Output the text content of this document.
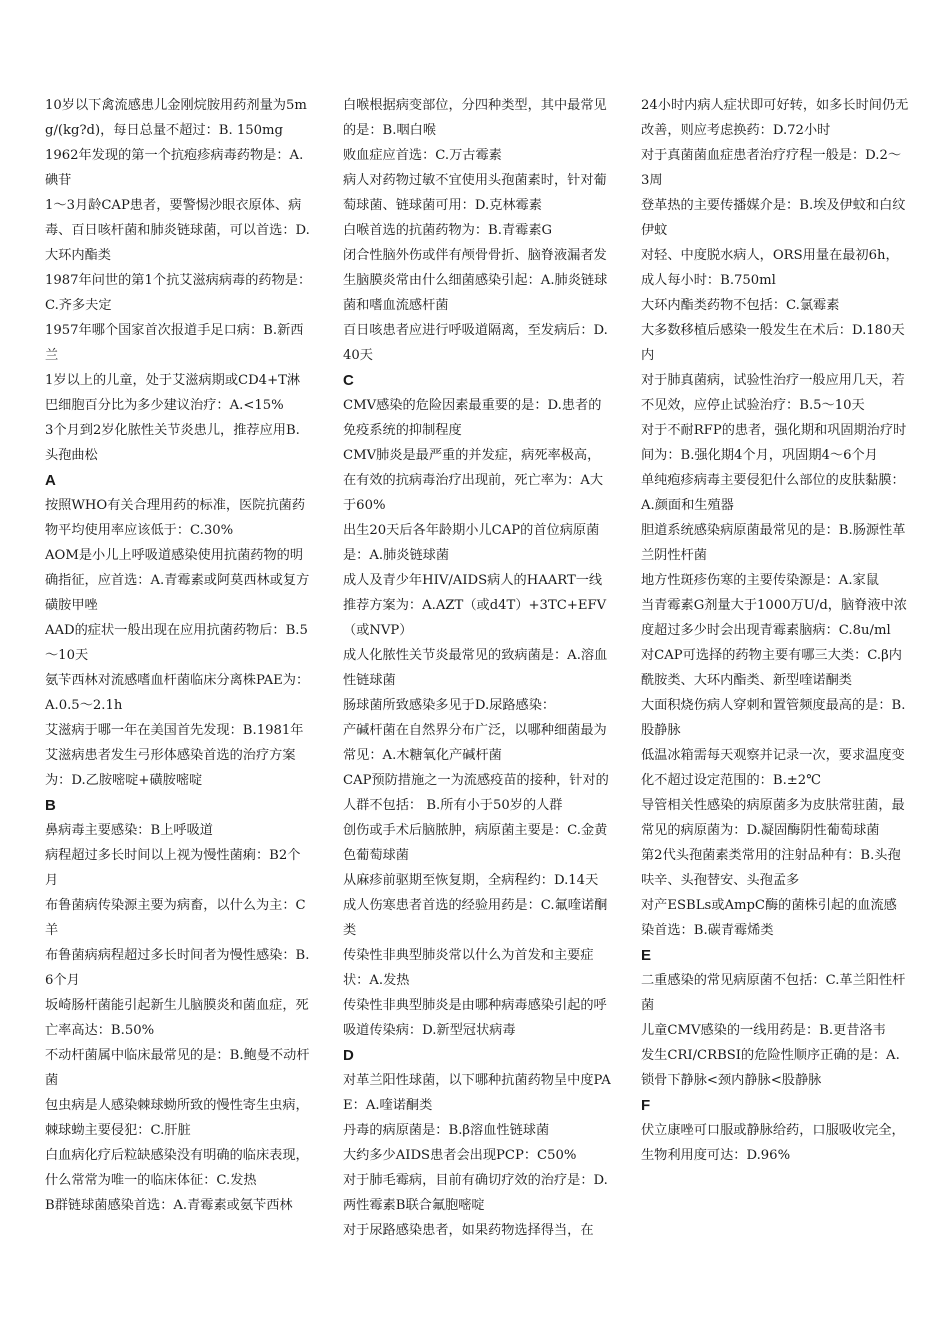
10岁以下禽流感患儿金刚烷胺用药剂量为5mg/(kg?d)，每日总量不超过：B. 150mg

1962年发现的第一个抗疱疹病毒药物是：A.碘苷

1～3月龄CAP患者，要警惕沙眼衣原体、病毒、百日咳杆菌和肺炎链球菌，可以首选：D.大环内酯类

1987年问世的第1个抗艾滋病病毒的药物是：C.齐多夫定

1957年哪个国家首次报道手足口病：B.新西兰

1岁以上的儿童，处于艾滋病期或CD4+T淋巴细胞百分比为多少建议治疗：A.<15%

3个月到2岁化脓性关节炎患儿，推荐应用B.头孢曲松

A

按照WHO有关合理用药的标准，医院抗菌药物平均使用率应该低于：C.30%

AOM是小儿上呼吸道感染使用抗菌药物的明确指征，应首选：A.青霉素或阿莫西林或复方磺胺甲唑

AAD的症状一般出现在应用抗菌药物后：B.5～10天

氨苄西林对流感嗜血杆菌临床分离株PAE为：A.0.5～2.1h

艾滋病于哪一年在美国首先发现：B.1981年

艾滋病患者发生弓形体感染首选的治疗方案为：D.乙胺嘧啶+磺胺嘧啶

B

鼻病毒主要感染：B上呼吸道

病程超过多长时间以上视为慢性菌痢：B2个月

布鲁菌病传染源主要为病畜，以什么为主：C羊

布鲁菌病病程超过多长时间者为慢性感染：B.6个月

坂崎肠杆菌能引起新生儿脑膜炎和菌血症，死亡率高达：B.50%

不动杆菌属中临床最常见的是：B.鲍曼不动杆菌

包虫病是人感染棘球蚴所致的慢性寄生虫病，棘球蚴主要侵犯：C.肝脏

白血病化疗后粒缺感染没有明确的临床表现，什么常常为唯一的临床体征：C.发热

B群链球菌感染首选：A.青霉素或氨苄西林

白喉根据病变部位，分四种类型，其中最常见的是：B.咽白喉

败血症应首选：C.万古霉素

病人对药物过敏不宜使用头孢菌素时，针对葡萄球菌、链球菌可用：D.克林霉素

白喉首选的抗菌药物为：B.青霉素G

闭合性脑外伤或伴有颅骨骨折、脑脊液漏者发生脑膜炎常由什么细菌感染引起：A.肺炎链球菌和嗜血流感杆菌

百日咳患者应进行呼吸道隔离，至发病后：D.40天

C

CMV感染的危险因素最重要的是：D.患者的免疫系统的抑制程度

CMV肺炎是最严重的并发症，病死率极高，在有效的抗病毒治疗出现前，死亡率为：A大于60%

出生20天后各年龄期小儿CAP的首位病原菌是：A.肺炎链球菌

成人及青少年HIV/AIDS病人的HAART一线推荐方案为：A.AZT（或d4T）+3TC+EFV（或NVP）

成人化脓性关节炎最常见的致病菌是：A.溶血性链球菌

肠球菌所致感染多见于D.尿路感染：

产碱杆菌在自然界分布广泛，以哪种细菌最为常见：A.木糖氧化产碱杆菌

CAP预防措施之一为流感疫苗的接种，针对的人群不包括： B.所有小于50岁的人群

创伤或手术后脑脓肿，病原菌主要是：C.金黄色葡萄球菌

从麻疹前驱期至恢复期，全病程约：D.14天

成人伤寒患者首选的经验用药是：C.氟喹诺酮类

传染性非典型肺炎常以什么为首发和主要症状：A.发热

传染性非典型肺炎是由哪种病毒感染引起的呼吸道传染病：D.新型冠状病毒

D

对革兰阳性球菌，以下哪种抗菌药物呈中度PAE：A.喹诺酮类

丹毒的病原菌是：B.β溶血性链球菌

大约多少AIDS患者会出现PCP：C50%

对于肺毛霉病，目前有确切疗效的治疗是：D.两性霉素B联合氟胞嘧啶

对于尿路感染患者，如果药物选择得当，在

24小时内病人症状即可好转，如多长时间仍无改善，则应考虑换药：D.72小时

对于真菌菌血症患者治疗疗程一般是：D.2～3周

登革热的主要传播媒介是：B.埃及伊蚊和白纹伊蚊

对轻、中度脱水病人，ORS用量在最初6h，成人每小时：B.750ml

大环内酯类药物不包括：C.氯霉素

大多数移植后感染一般发生在术后：D.180天内

对于肺真菌病，试验性治疗一般应用几天，若不见效，应停止试验治疗：B.5～10天

对于不耐RFP的患者，强化期和巩固期治疗时间为：B.强化期4个月，巩固期4～6个月

单纯疱疹病毒主要侵犯什么部位的皮肤黏膜：A.颜面和生殖器

胆道系统感染病原菌最常见的是：B.肠源性革兰阴性杆菌

地方性斑疹伤寒的主要传染源是：A.家鼠

当青霉素G剂量大于1000万U/d，脑脊液中浓度超过多少时会出现青霉素脑病：C.8u/ml

对CAP可选择的药物主要有哪三大类：C.β内酰胺类、大环内酯类、新型喹诺酮类

大面积烧伤病人穿刺和置管频度最高的是：B.股静脉

低温冰箱需每天观察并记录一次，要求温度变化不超过设定范围的：B.±2℃

导管相关性感染的病原菌多为皮肤常驻菌，最常见的病原菌为：D.凝固酶阴性葡萄球菌

第2代头孢菌素类常用的注射品种有：B.头孢呋辛、头孢替安、头孢孟多

对产ESBLs或AmpC酶的菌株引起的血流感染首选：B.碳青霉烯类

E

二重感染的常见病原菌不包括：C.革兰阳性杆菌

儿童CMV感染的一线用药是：B.更昔洛韦

发生CRI/CRBSI的危险性顺序正确的是：A.锁骨下静脉<颈内静脉<股静脉

F

伏立康唑可口服或静脉给药，口服吸收完全，生物利用度可达：D.96%
